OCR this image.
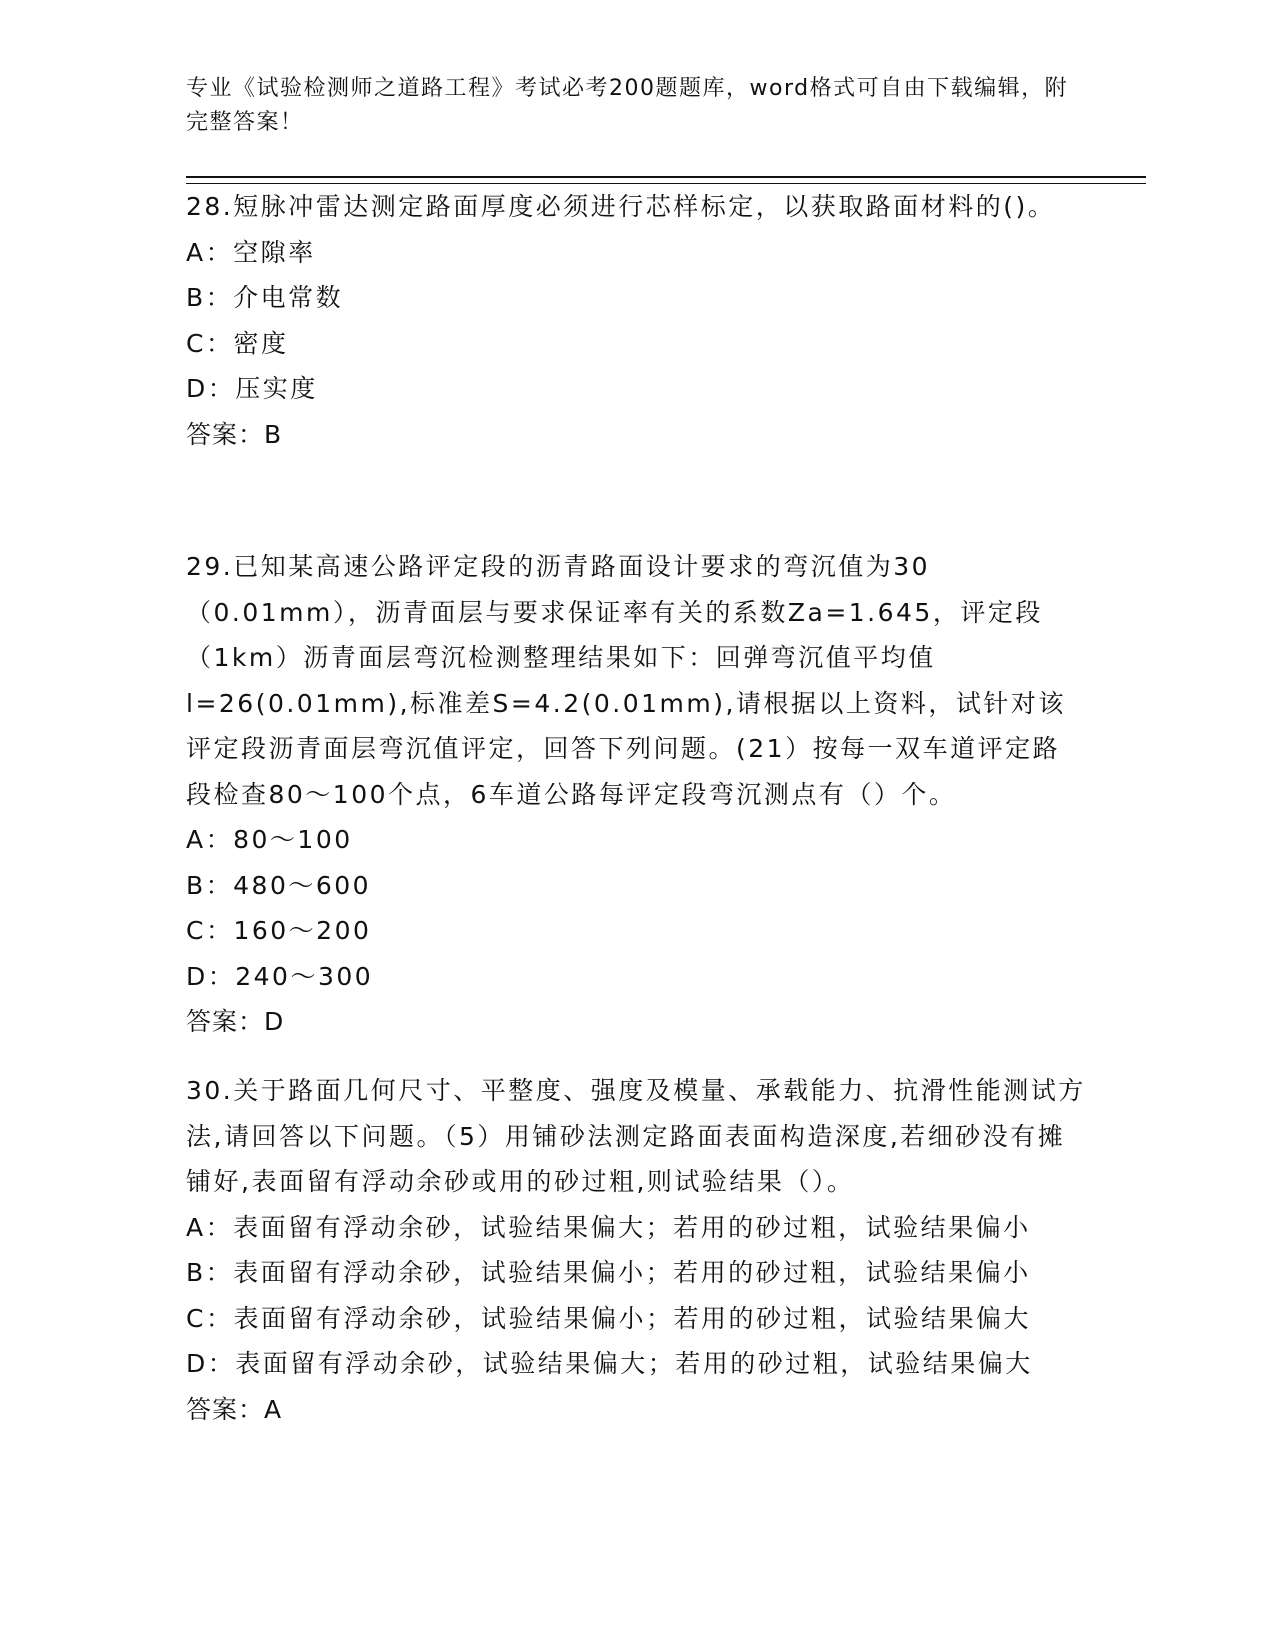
专业《试验检测师之道路工程》考试必考200题题库，word格式可自由下载编辑，附完整答案！

28.短脉冲雷达测定路面厚度必须进行芯样标定，以获取路面材料的()。

A：空隙率

B：介电常数

C：密度

D：压实度

答案：B

29.已知某高速公路评定段的沥青路面设计要求的弯沉值为30（0.01mm），沥青面层与要求保证率有关的系数Za=1.645，评定段（1km）沥青面层弯沉检测整理结果如下：回弹弯沉值平均值l=26(0.01mm),标准差S=4.2(0.01mm),请根据以上资料，试针对该评定段沥青面层弯沉值评定，回答下列问题。(21）按每一双车道评定路段检查80～100个点，6车道公路每评定段弯沉测点有（）个。

A：80～100

B：480～600

C：160～200

D：240～300

答案：D

30.关于路面几何尺寸、平整度、强度及模量、承载能力、抗滑性能测试方法,请回答以下问题。（5）用铺砂法测定路面表面构造深度,若细砂没有摊铺好,表面留有浮动余砂或用的砂过粗,则试验结果（）。

A：表面留有浮动余砂，试验结果偏大；若用的砂过粗，试验结果偏小

B：表面留有浮动余砂，试验结果偏小；若用的砂过粗，试验结果偏小

C：表面留有浮动余砂，试验结果偏小；若用的砂过粗，试验结果偏大

D：表面留有浮动余砂，试验结果偏大；若用的砂过粗，试验结果偏大

答案：A
